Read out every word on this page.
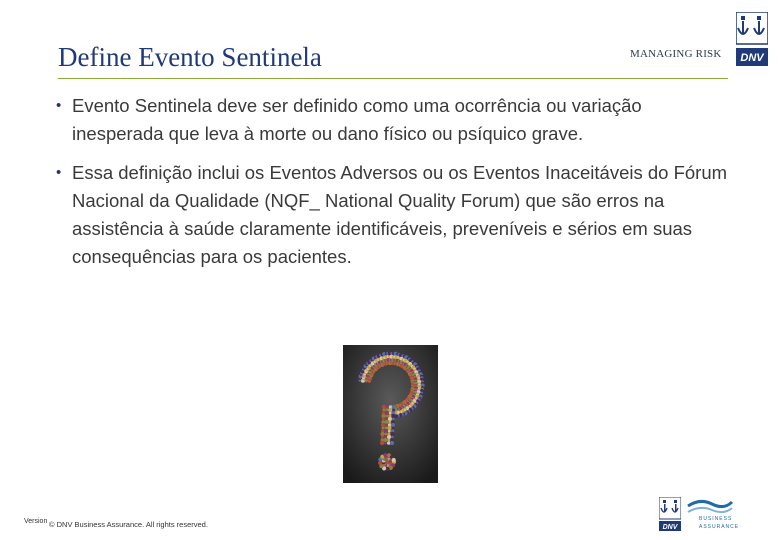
Define Evento Sentinela	MANAGING RISK DNV
• Evento Sentinela deve ser definido como uma ocorrência ou variação inesperada que leva à morte ou dano físico ou psíquico grave.
• Essa definição inclui os Eventos Adversos ou os Eventos Inaceitáveis do Fórum Nacional da Qualidade (NQF_ National Quality Forum) que são erros na assistência à saúde claramente identificáveis, preveníveis e sérios em suas consequências para os pacientes.
Version © DNV Business Assurance. All rights reserved.	DNV
BUSINESS
ASSURANCE
